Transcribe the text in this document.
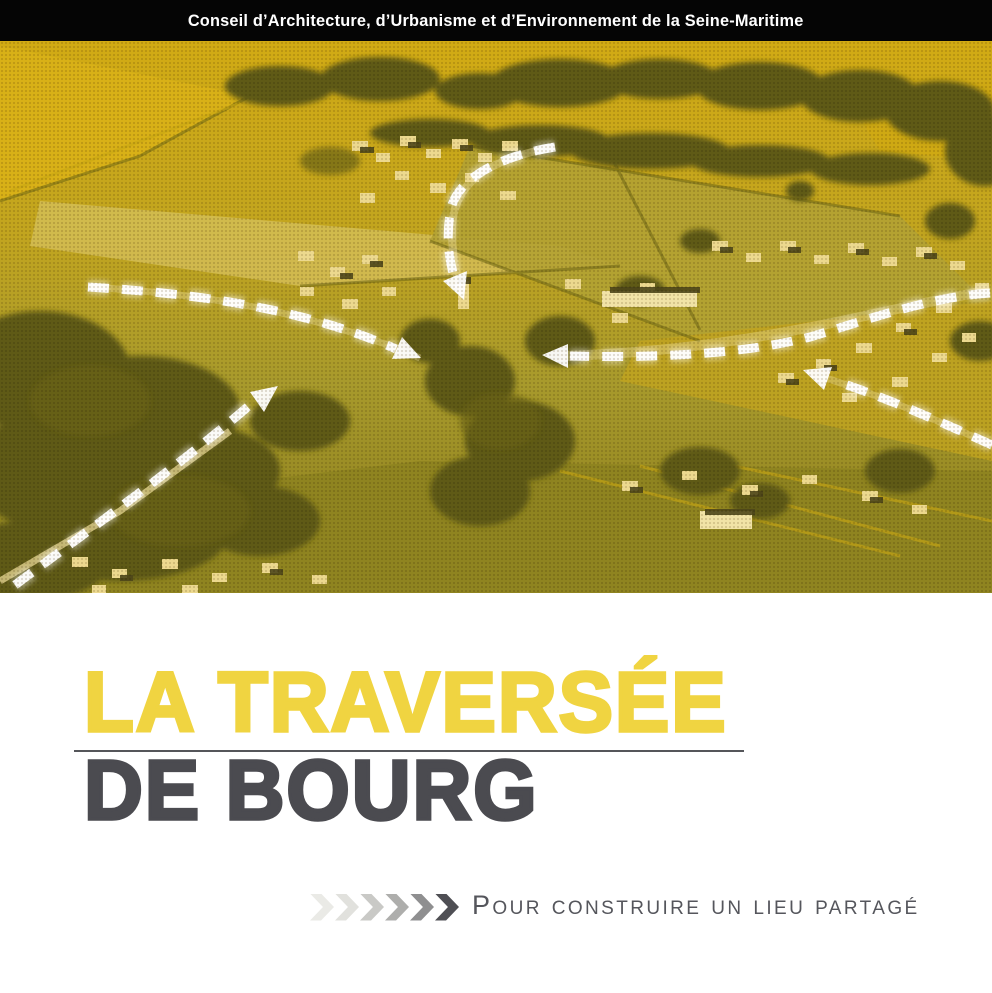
Conseil d’Architecture, d’Urbanisme et d’Environnement de la Seine-Maritime
LA TRAVERSÉE
DE BOURG
Pour construire un lieu partagé
